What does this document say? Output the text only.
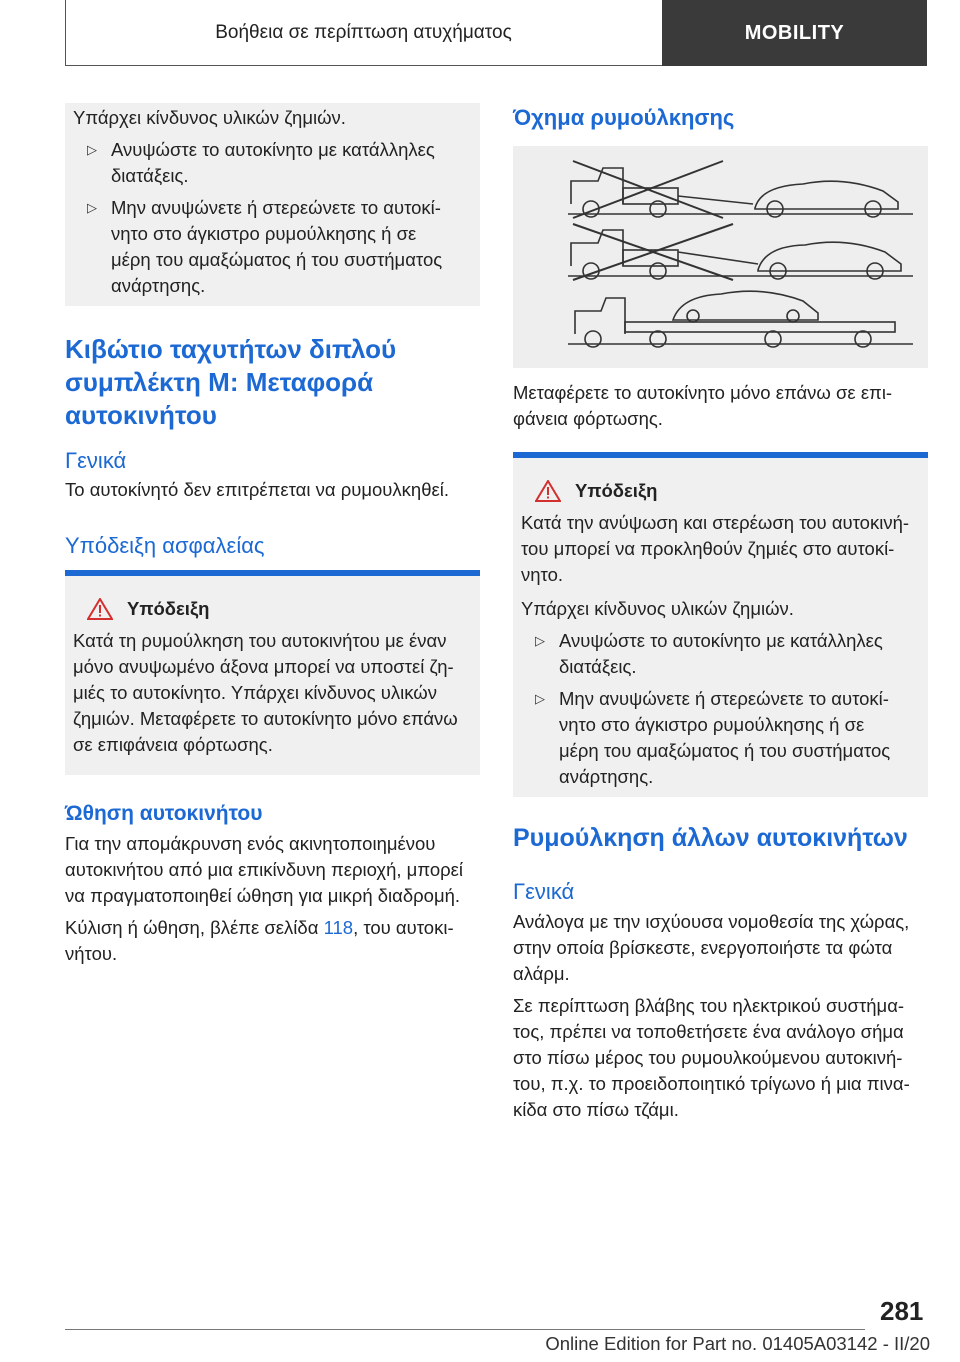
Βοήθεια σε περίπτωση ατυχήματος	MOBILITY
Υπάρχει κίνδυνος υλικών ζημιών.
▷ Ανυψώστε το αυτοκίνητο με κατάλληλες
διατάξεις.
▷ Μην ανυψώνετε ή στερεώνετε το αυτοκί‐
νητο στο άγκιστρο ρυμούλκησης ή σε
μέρη του αμαξώματος ή του συστήματος
ανάρτησης.
Κιβώτιο ταχυτήτων διπλού
συμπλέκτη M: Μεταφορά
αυτοκινήτου
Γενικά
Το αυτοκίνητό δεν επιτρέπεται να ρυμουλκηθεί.
Υπόδειξη ασφαλείας
Υπόδειξη
Κατά τη ρυμούλκηση του αυτοκινήτου με έναν
μόνο ανυψωμένο άξονα μπορεί να υποστεί ζη‐
μιές το αυτοκίνητο. Υπάρχει κίνδυνος υλικών
ζημιών. Μεταφέρετε το αυτοκίνητο μόνο επάνω
σε επιφάνεια φόρτωσης.
Ώθηση αυτοκινήτου
Για την απομάκρυνση ενός ακινητοποιημένου
αυτοκινήτου από μια επικίνδυνη περιοχή, μπορεί
να πραγματοποιηθεί ώθηση για μικρή διαδρομή.
Κύλιση ή ώθηση, βλέπε σελίδα 118, του αυτοκι‐
νήτου.
Όχημα ρυμούλκησης
Μεταφέρετε το αυτοκίνητο μόνο επάνω σε επι‐
φάνεια φόρτωσης.
Υπόδειξη
Κατά την ανύψωση και στερέωση του αυτοκινή‐
του μπορεί να προκληθούν ζημιές στο αυτοκί‐
νητο.
Υπάρχει κίνδυνος υλικών ζημιών.
▷ Ανυψώστε το αυτοκίνητο με κατάλληλες
διατάξεις.
▷ Μην ανυψώνετε ή στερεώνετε το αυτοκί‐
νητο στο άγκιστρο ρυμούλκησης ή σε
μέρη του αμαξώματος ή του συστήματος
ανάρτησης.
Ρυμούλκηση άλλων αυτοκινήτων
Γενικά
Ανάλογα με την ισχύουσα νομοθεσία της χώρας,
στην οποία βρίσκεστε, ενεργοποιήστε τα φώτα
αλάρμ.
Σε περίπτωση βλάβης του ηλεκτρικού συστήμα‐
τος, πρέπει να τοποθετήσετε ένα ανάλογο σήμα
στο πίσω μέρος του ρυμουλκούμενου αυτοκινή‐
του, π.χ. το προειδοποιητικό τρίγωνο ή μια πινα‐
κίδα στο πίσω τζάμι.
281
Online Edition for Part no. 01405A03142 - II/20
